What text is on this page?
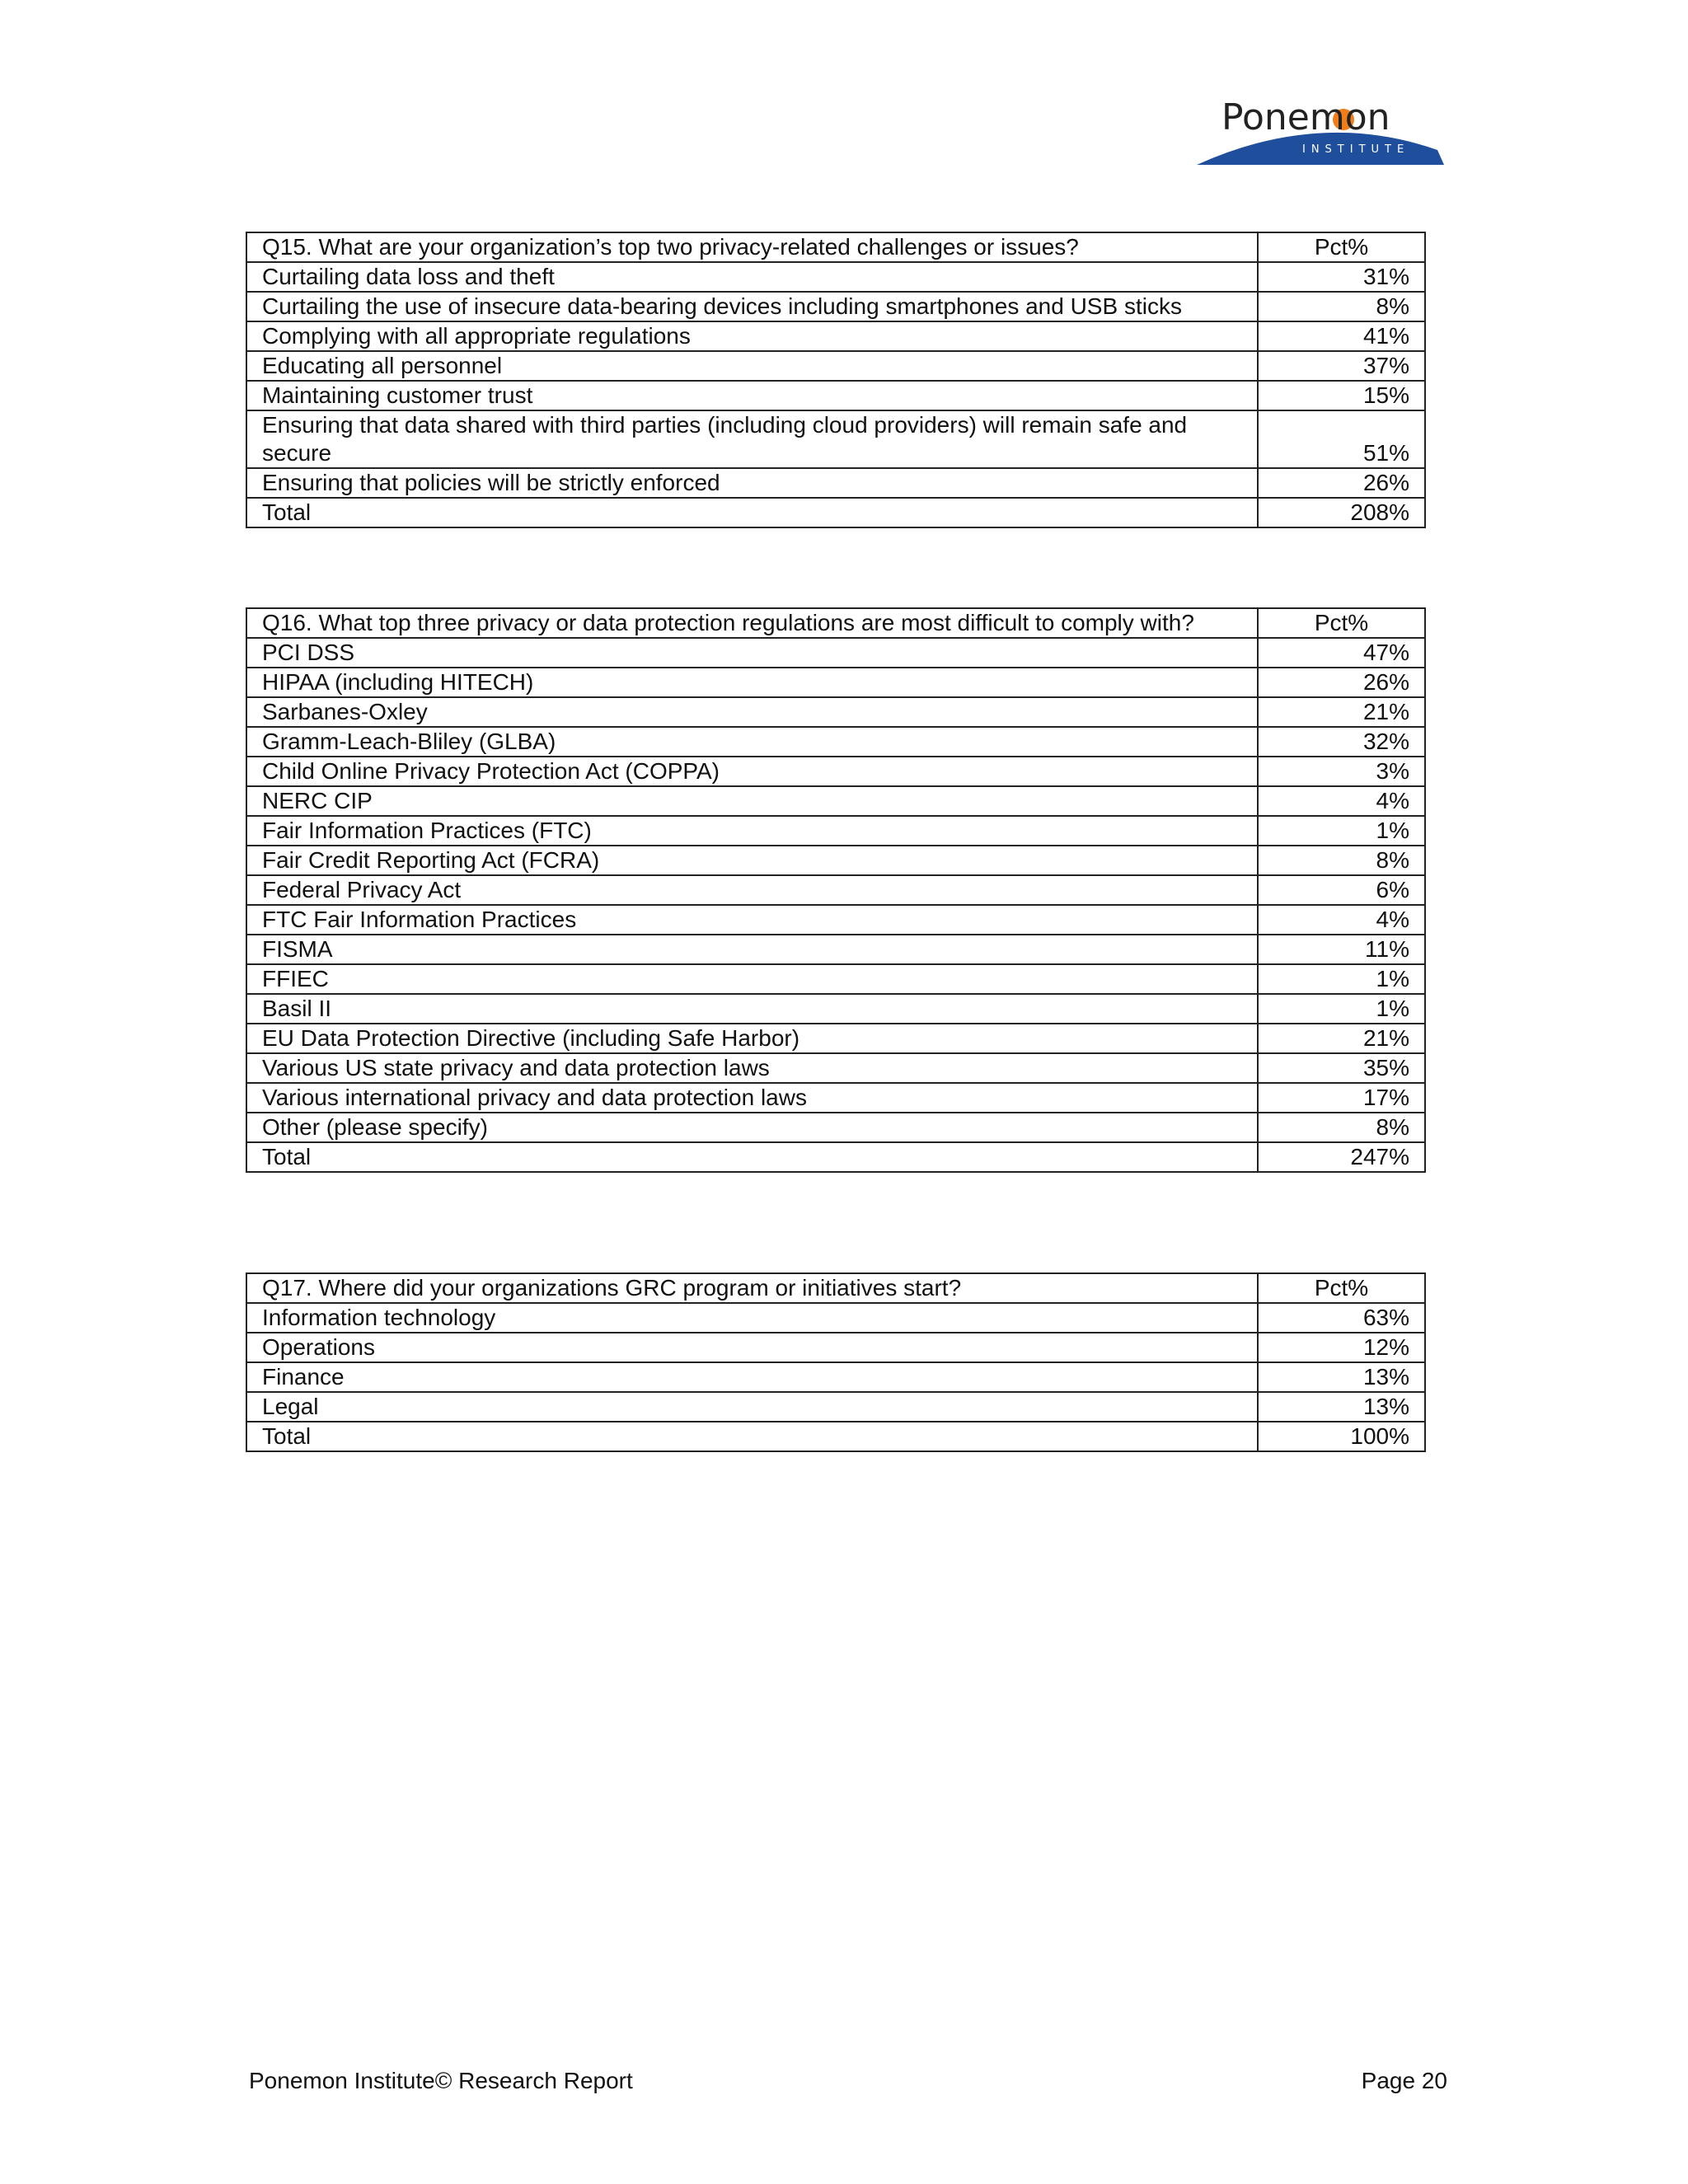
Ponemon
INSTITUTE
Q15. What are your organization’s top two privacy-related challenges or issues?	Pct%
Curtailing data loss and theft	31%
Curtailing the use of insecure data-bearing devices including smartphones and USB sticks	8%
Complying with all appropriate regulations	41%
Educating all personnel	37%
Maintaining customer trust	15%
Ensuring that data shared with third parties (including cloud providers) will remain safe and secure	51%
Ensuring that policies will be strictly enforced	26%
Total	208%
Q16. What top three privacy or data protection regulations are most difficult to comply with?	Pct%
PCI DSS	47%
HIPAA (including HITECH)	26%
Sarbanes-Oxley	21%
Gramm-Leach-Bliley (GLBA)	32%
Child Online Privacy Protection Act (COPPA)	3%
NERC CIP	4%
Fair Information Practices (FTC)	1%
Fair Credit Reporting Act (FCRA)	8%
Federal Privacy Act	6%
FTC Fair Information Practices	4%
FISMA	11%
FFIEC	1%
Basil II	1%
EU Data Protection Directive (including Safe Harbor)	21%
Various US state privacy and data protection laws	35%
Various international privacy and data protection laws	17%
Other (please specify)	8%
Total	247%
Q17. Where did your organizations GRC program or initiatives start?	Pct%
Information technology	63%
Operations	12%
Finance	13%
Legal	13%
Total	100%
Ponemon Institute© Research Report	Page 20
